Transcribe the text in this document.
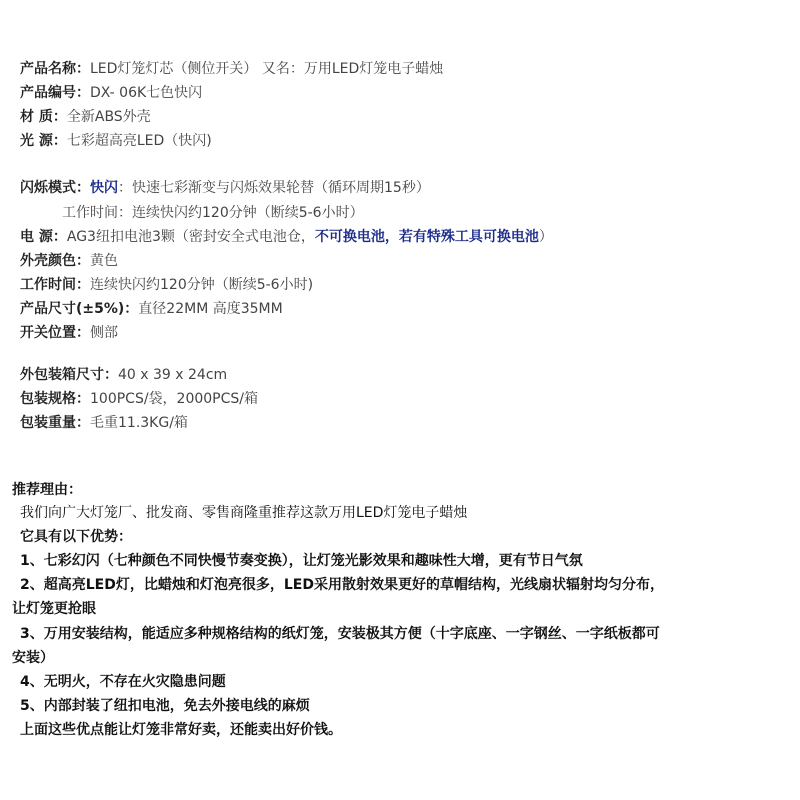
产品名称：LED灯笼灯芯（侧位开关） 又名：万用LED灯笼电子蜡烛
产品编号：DX- 06K七色快闪
材 质：全新ABS外壳
光 源：七彩超高亮LED（快闪)
闪烁模式：快闪：快速七彩渐变与闪烁效果轮替（循环周期15秒）
工作时间：连续快闪约120分钟（断续5-6小时）
电 源：AG3纽扣电池3颗（密封安全式电池仓，不可换电池，若有特殊工具可换电池）
外壳颜色：黄色
工作时间：连续快闪约120分钟（断续5-6小时)
产品尺寸(±5%)：直径22MM 高度35MM
开关位置：侧部
外包装箱尺寸：40 x 39 x 24cm
包装规格：100PCS/袋，2000PCS/箱
包装重量：毛重11.3KG/箱
推荐理由：
我们向广大灯笼厂、批发商、零售商隆重推荐这款万用LED灯笼电子蜡烛
它具有以下优势：
1、七彩幻闪（七种颜色不同快慢节奏变换），让灯笼光影效果和趣味性大增，更有节日气氛
2、超高亮LED灯，比蜡烛和灯泡亮很多，LED采用散射效果更好的草帽结构，光线扇状辐射均匀分布，
让灯笼更抢眼
3、万用安装结构，能适应多种规格结构的纸灯笼，安装极其方便（十字底座、一字钢丝、一字纸板都可
安装）
4、无明火，不存在火灾隐患问题
5、内部封装了纽扣电池，免去外接电线的麻烦
上面这些优点能让灯笼非常好卖，还能卖出好价钱。
